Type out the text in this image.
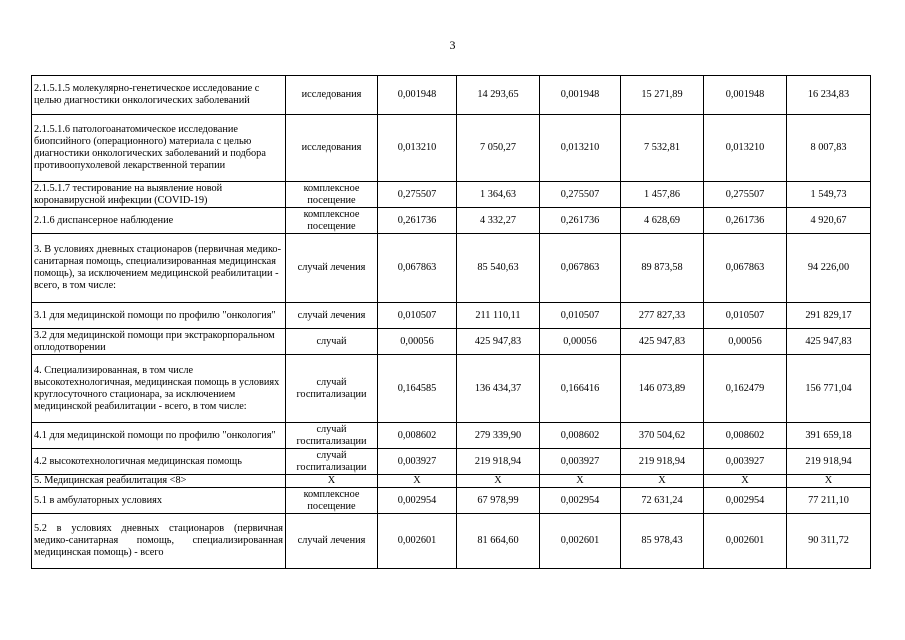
3
2.1.5.1.5 молекулярно-генетическое исследование с целью диагностики онкологических заболеваний	исследования	0,001948	14 293,65	0,001948	15 271,89	0,001948	16 234,83
2.1.5.1.6 патологоанатомическое исследование биопсийного (операционного) материала с целью диагностики онкологических заболеваний и подбора противоопухолевой лекарственной терапии	исследования	0,013210	7 050,27	0,013210	7 532,81	0,013210	8 007,83
2.1.5.1.7 тестирование на выявление новой коронавирусной инфекции (COVID-19)	комплексное посещение	0,275507	1 364,63	0,275507	1 457,86	0,275507	1 549,73
2.1.6 диспансерное наблюдение	комплексное посещение	0,261736	4 332,27	0,261736	4 628,69	0,261736	4 920,67
3. В условиях дневных стационаров (первичная медико-санитарная помощь, специализированная медицинская помощь), за исключением медицинской реабилитации - всего, в том числе:	случай лечения	0,067863	85 540,63	0,067863	89 873,58	0,067863	94 226,00
3.1 для медицинской помощи по профилю "онкология"	случай лечения	0,010507	211 110,11	0,010507	277 827,33	0,010507	291 829,17
3.2 для медицинской помощи при экстракорпоральном оплодотворении	случай	0,00056	425 947,83	0,00056	425 947,83	0,00056	425 947,83
4. Специализированная, в том числе высокотехнологичная, медицинская помощь в условиях круглосуточного стационара, за исключением медицинской реабилитации - всего, в том числе:	случай госпитализации	0,164585	136 434,37	0,166416	146 073,89	0,162479	156 771,04
4.1 для медицинской помощи по профилю "онкология"	случай госпитализации	0,008602	279 339,90	0,008602	370 504,62	0,008602	391 659,18
4.2 высокотехнологичная медицинская помощь	случай госпитализации	0,003927	219 918,94	0,003927	219 918,94	0,003927	219 918,94
5. Медицинская реабилитация <8>	Х	Х	Х	Х	Х	Х	Х
5.1 в амбулаторных условиях	комплексное посещение	0,002954	67 978,99	0,002954	72 631,24	0,002954	77 211,10
5.2 в условиях дневных стационаров (первичная медико-санитарная помощь, специализированная медицинская помощь) - всего	случай лечения	0,002601	81 664,60	0,002601	85 978,43	0,002601	90 311,72
